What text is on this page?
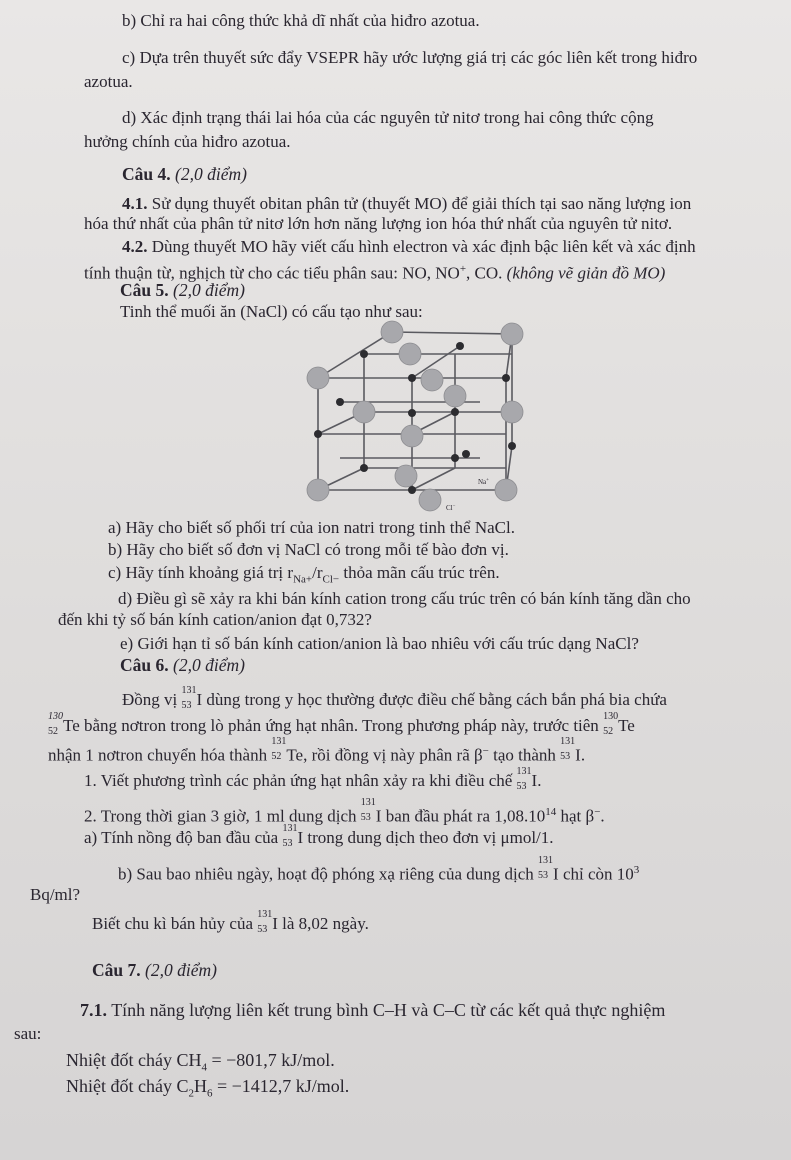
b) Chỉ ra hai công thức khả dĩ nhất của hiđro azotua.
c) Dựa trên thuyết sức đẩy VSEPR hãy ước lượng giá trị các góc liên kết trong hiđro
azotua.
d) Xác định trạng thái lai hóa của các nguyên tử nitơ trong hai công thức cộng
hưởng chính của hiđro azotua.
Câu 4. (2,0 điểm)
4.1. Sử dụng thuyết obitan phân tử (thuyết MO) để giải thích tại sao năng lượng ion
hóa thứ nhất của phân tử nitơ lớn hơn năng lượng ion hóa thứ nhất của nguyên tử nitơ.
4.2. Dùng thuyết MO hãy viết cấu hình electron và xác định bậc liên kết và xác định
tính thuận từ, nghịch từ cho các tiểu phân sau: NO, NO+, CO. (không vẽ giản đồ MO)
Câu 5. (2,0 điểm)
Tinh thể muối ăn (NaCl) có cấu tạo như sau:
Na+
Cl−
a) Hãy cho biết số phối trí của ion natri trong tinh thể NaCl.
b) Hãy cho biết số đơn vị NaCl có trong mỗi tế bào đơn vị.
c) Hãy tính khoảng giá trị $r_{Na+}/r_{Cl-}$ thỏa mãn cấu trúc trên.
d) Điều gì sẽ xảy ra khi bán kính cation trong cấu trúc trên có bán kính tăng dần cho
đến khi tỷ số bán kính cation/anion đạt 0,732?
e) Giới hạn tỉ số bán kính cation/anion là bao nhiêu với cấu trúc dạng NaCl?
Câu 6. (2,0 điểm)
Đồng vị 131
53 I dùng trong y học thường được điều chế bằng cách bắn phá bia chứa
130
52 Te bằng nơtron trong lò phản ứng hạt nhân. Trong phương pháp này, trước tiên 130
52 Te
nhận 1 nơtron chuyển hóa thành
131
52 Te, rồi đồng vị này phân rã β− tạo thành
131
53 I.
1. Viết phương trình các phản ứng hạt nhân xảy ra khi điều chế 131
53 I.
2. Trong thời gian 3 giờ, 1 ml dung dịch
131
53 I ban đầu phát ra 1,08.10$^{14}$ hạt β−.
a) Tính nồng độ ban đầu của 131
53 I trong dung dịch theo đơn vị μmol/1.
b) Sau bao nhiêu ngày, hoạt độ phóng xạ riêng của dung dịch
131
53 I chỉ còn $10^3$
Bq/ml?
Biết chu kì bán hủy của 131
53 I là 8,02 ngày.
Câu 7. (2,0 điểm)
7.1. Tính năng lượng liên kết trung bình C–H và C–C từ các kết quả thực nghiệm
sau:
Nhiệt đốt cháy $CH_4 = -801,7$ kJ/mol.
Nhiệt đốt cháy $C_2H_6 = -1412,7$ kJ/mol.
